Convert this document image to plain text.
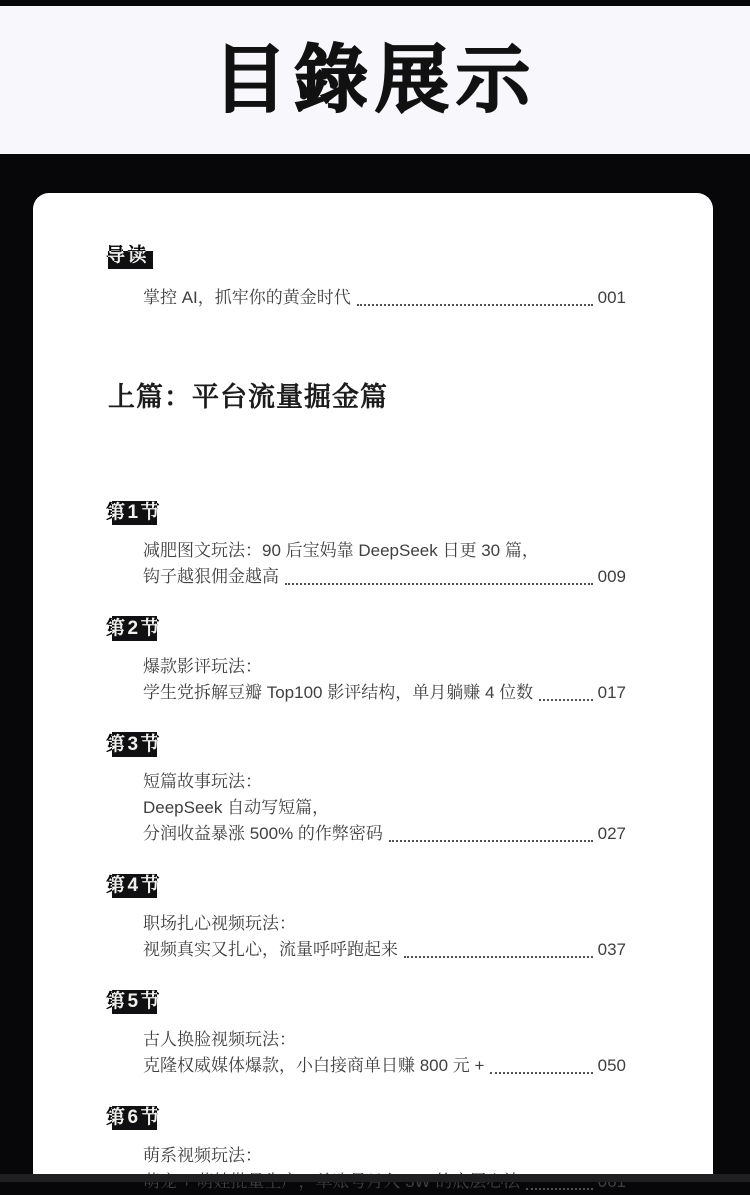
目錄展示
导读
掌控 AI，抓牢你的黄金时代	001
上篇：平台流量掘金篇
第1节
减肥图文玩法：90 后宝妈靠 DeepSeek 日更 30 篇，
钩子越狠佣金越高	009
第2节
爆款影评玩法：
学生党拆解豆瓣 Top100 影评结构，单月躺赚 4 位数	017
第3节
短篇故事玩法：
DeepSeek 自动写短篇，
分润收益暴涨 500% 的作弊密码	027
第4节
职场扎心视频玩法：
视频真实又扎心，流量呼呼跑起来	037
第5节
古人换脸视频玩法：
克隆权威媒体爆款，小白接商单日赚 800 元 +	050
第6节
萌系视频玩法：
